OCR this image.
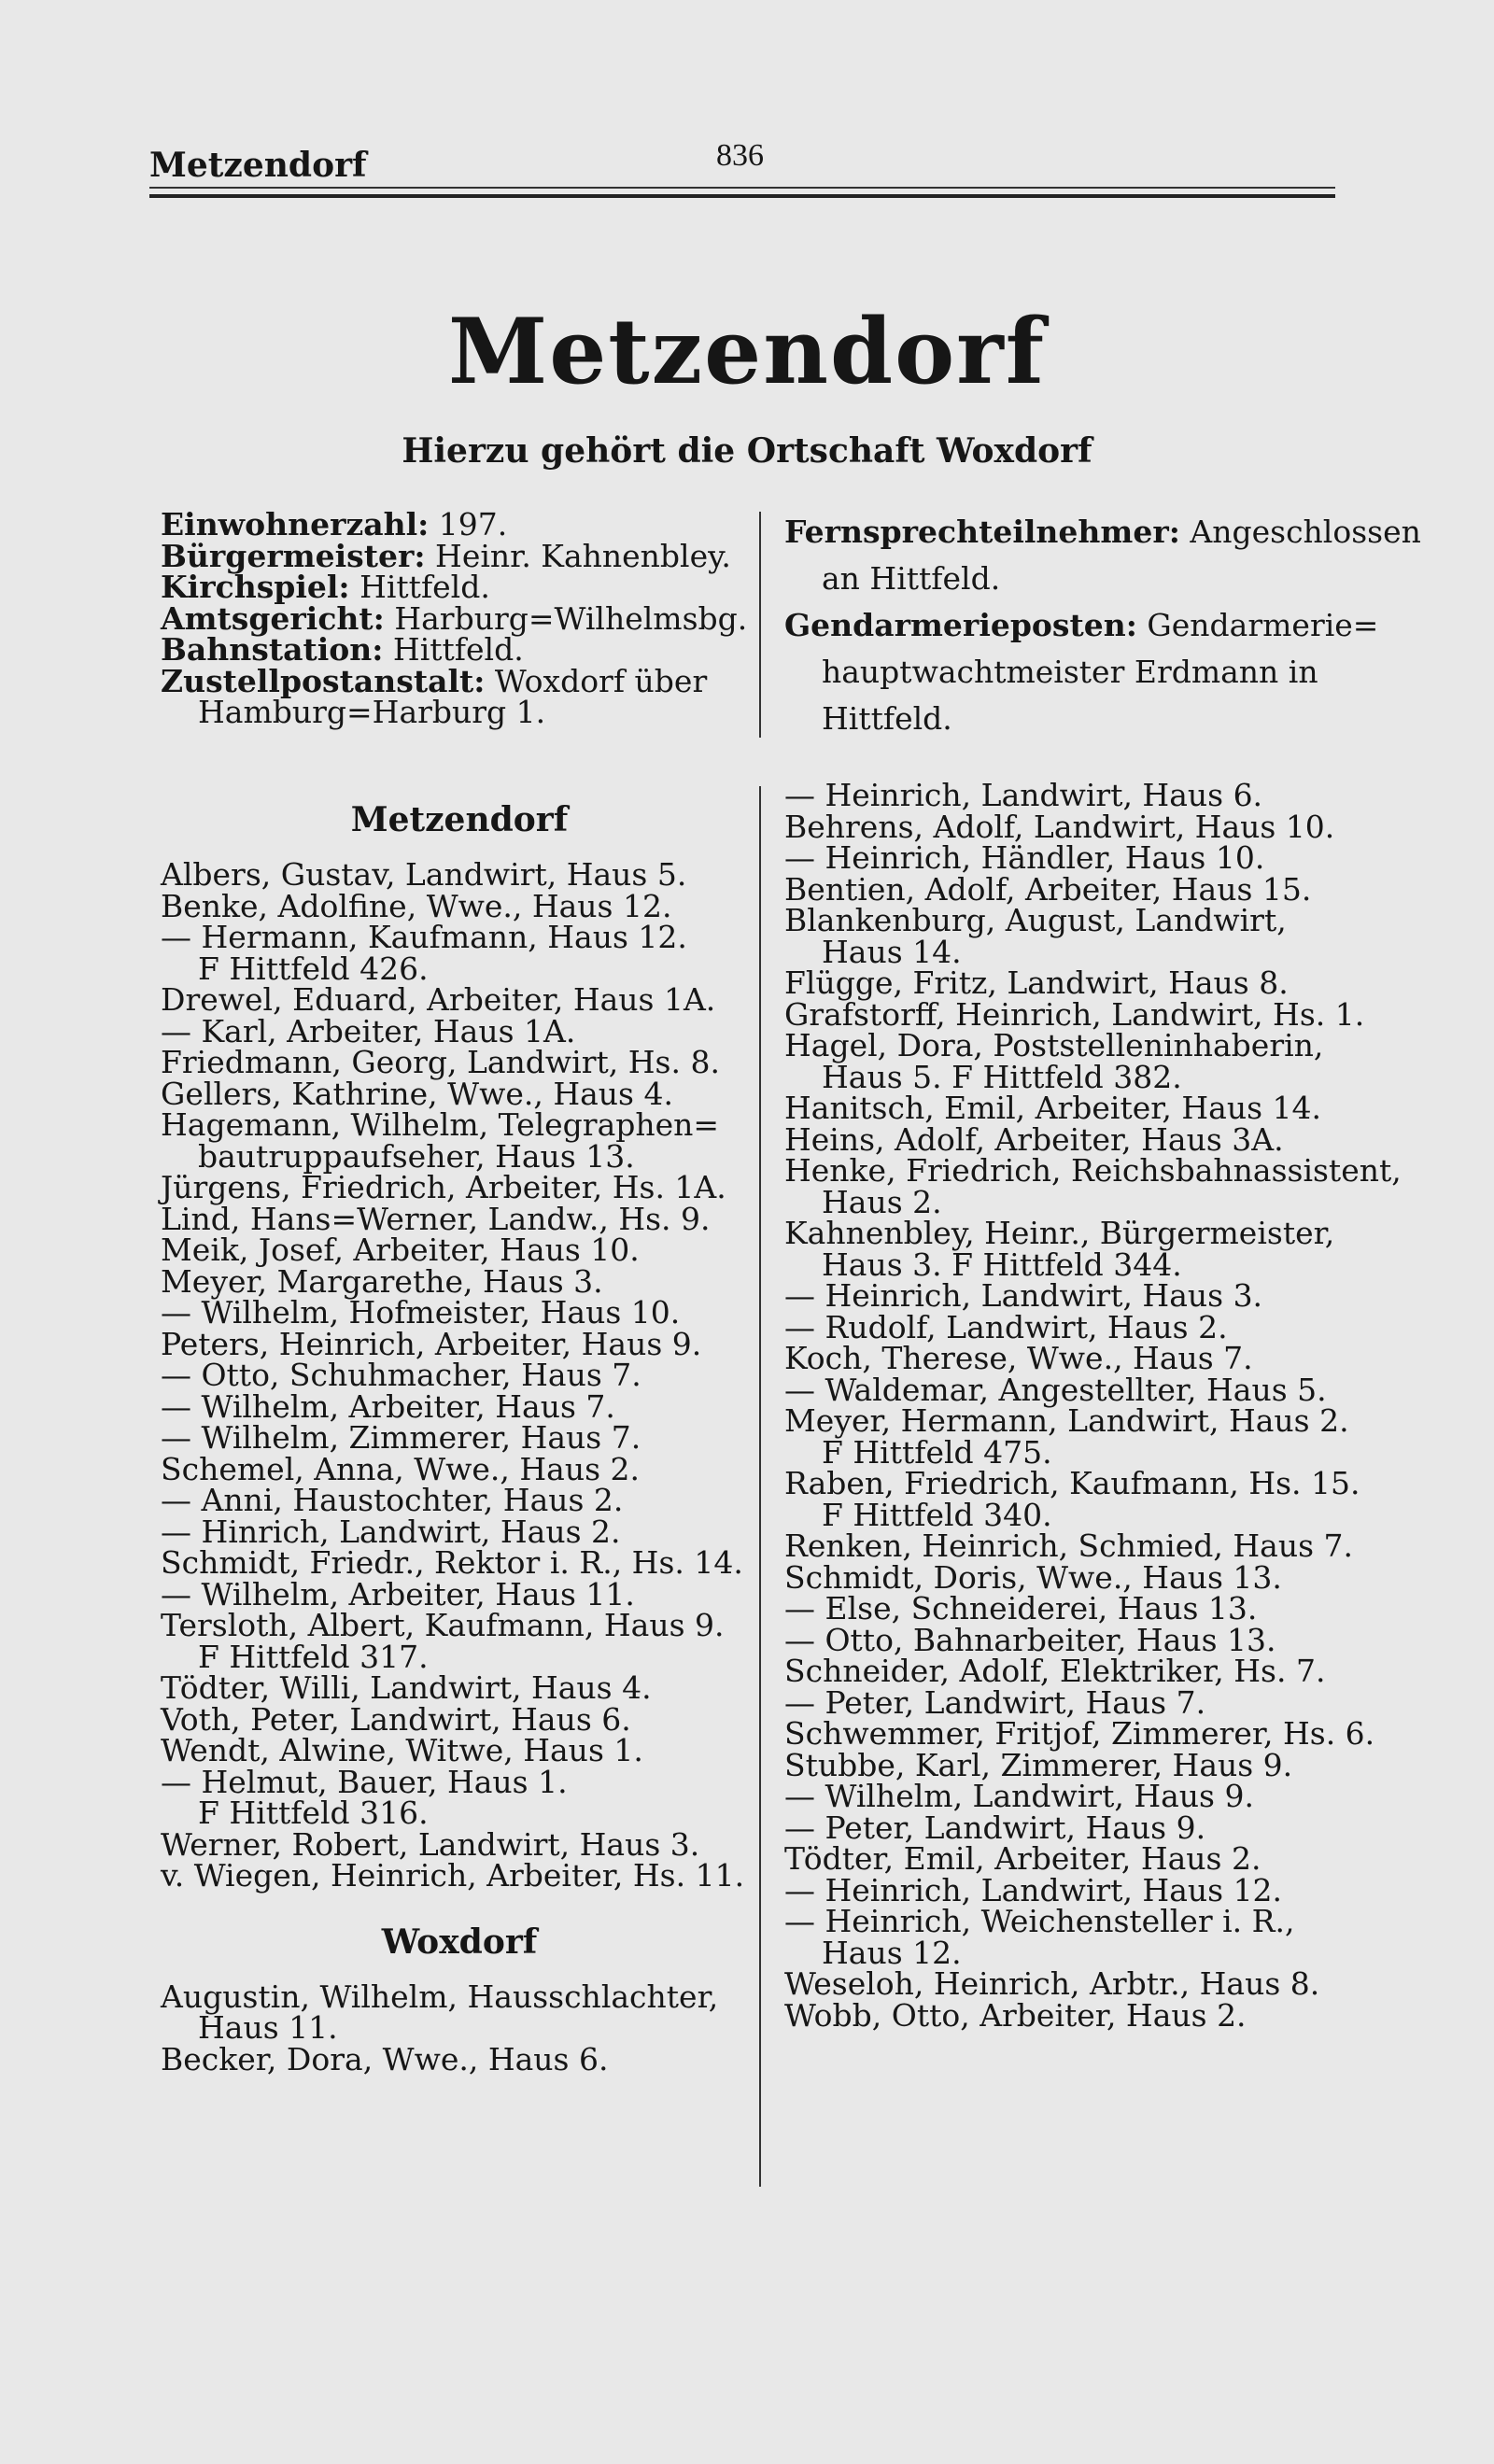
Metzendorf	836
Metzendorf
Hierzu gehört die Ortschaft Woxdorf
Einwohnerzahl: 197.
Bürgermeister: Heinr. Kahnenbley.
Kirchspiel: Hittfeld.
Amtsgericht: Harburg=Wilhelmsbg.
Bahnstation: Hittfeld.
Zustellpostanstalt: Woxdorf über
Hamburg=Harburg 1.
Fernsprechteilnehmer: Angeschlossen
an Hittfeld.
Gendarmerieposten: Gendarmerie=
hauptwachtmeister Erdmann in
Hittfeld.
Metzendorf
Albers, Gustav, Landwirt, Haus 5.
Benke, Adolfine, Wwe., Haus 12.
— Hermann, Kaufmann, Haus 12.
F Hittfeld 426.
Drewel, Eduard, Arbeiter, Haus 1A.
— Karl, Arbeiter, Haus 1A.
Friedmann, Georg, Landwirt, Hs. 8.
Gellers, Kathrine, Wwe., Haus 4.
Hagemann, Wilhelm, Telegraphen=
bautruppaufseher, Haus 13.
Jürgens, Friedrich, Arbeiter, Hs. 1A.
Lind, Hans=Werner, Landw., Hs. 9.
Meik, Josef, Arbeiter, Haus 10.
Meyer, Margarethe, Haus 3.
— Wilhelm, Hofmeister, Haus 10.
Peters, Heinrich, Arbeiter, Haus 9.
— Otto, Schuhmacher, Haus 7.
— Wilhelm, Arbeiter, Haus 7.
— Wilhelm, Zimmerer, Haus 7.
Schemel, Anna, Wwe., Haus 2.
— Anni, Haustochter, Haus 2.
— Hinrich, Landwirt, Haus 2.
Schmidt, Friedr., Rektor i. R., Hs. 14.
— Wilhelm, Arbeiter, Haus 11.
Tersloth, Albert, Kaufmann, Haus 9.
F Hittfeld 317.
Tödter, Willi, Landwirt, Haus 4.
Voth, Peter, Landwirt, Haus 6.
Wendt, Alwine, Witwe, Haus 1.
— Helmut, Bauer, Haus 1.
F Hittfeld 316.
Werner, Robert, Landwirt, Haus 3.
v. Wiegen, Heinrich, Arbeiter, Hs. 11.
Woxdorf
Augustin, Wilhelm, Hausschlachter,
Haus 11.
Becker, Dora, Wwe., Haus 6.
— Heinrich, Landwirt, Haus 6.
Behrens, Adolf, Landwirt, Haus 10.
— Heinrich, Händler, Haus 10.
Bentien, Adolf, Arbeiter, Haus 15.
Blankenburg, August, Landwirt,
Haus 14.
Flügge, Fritz, Landwirt, Haus 8.
Grafstorff, Heinrich, Landwirt, Hs. 1.
Hagel, Dora, Poststelleninhaberin,
Haus 5. F Hittfeld 382.
Hanitsch, Emil, Arbeiter, Haus 14.
Heins, Adolf, Arbeiter, Haus 3A.
Henke, Friedrich, Reichsbahnassistent,
Haus 2.
Kahnenbley, Heinr., Bürgermeister,
Haus 3. F Hittfeld 344.
— Heinrich, Landwirt, Haus 3.
— Rudolf, Landwirt, Haus 2.
Koch, Therese, Wwe., Haus 7.
— Waldemar, Angestellter, Haus 5.
Meyer, Hermann, Landwirt, Haus 2.
F Hittfeld 475.
Raben, Friedrich, Kaufmann, Hs. 15.
F Hittfeld 340.
Renken, Heinrich, Schmied, Haus 7.
Schmidt, Doris, Wwe., Haus 13.
— Else, Schneiderei, Haus 13.
— Otto, Bahnarbeiter, Haus 13.
Schneider, Adolf, Elektriker, Hs. 7.
— Peter, Landwirt, Haus 7.
Schwemmer, Fritjof, Zimmerer, Hs. 6.
Stubbe, Karl, Zimmerer, Haus 9.
— Wilhelm, Landwirt, Haus 9.
— Peter, Landwirt, Haus 9.
Tödter, Emil, Arbeiter, Haus 2.
— Heinrich, Landwirt, Haus 12.
— Heinrich, Weichensteller i. R.,
Haus 12.
Weseloh, Heinrich, Arbtr., Haus 8.
Wobb, Otto, Arbeiter, Haus 2.
